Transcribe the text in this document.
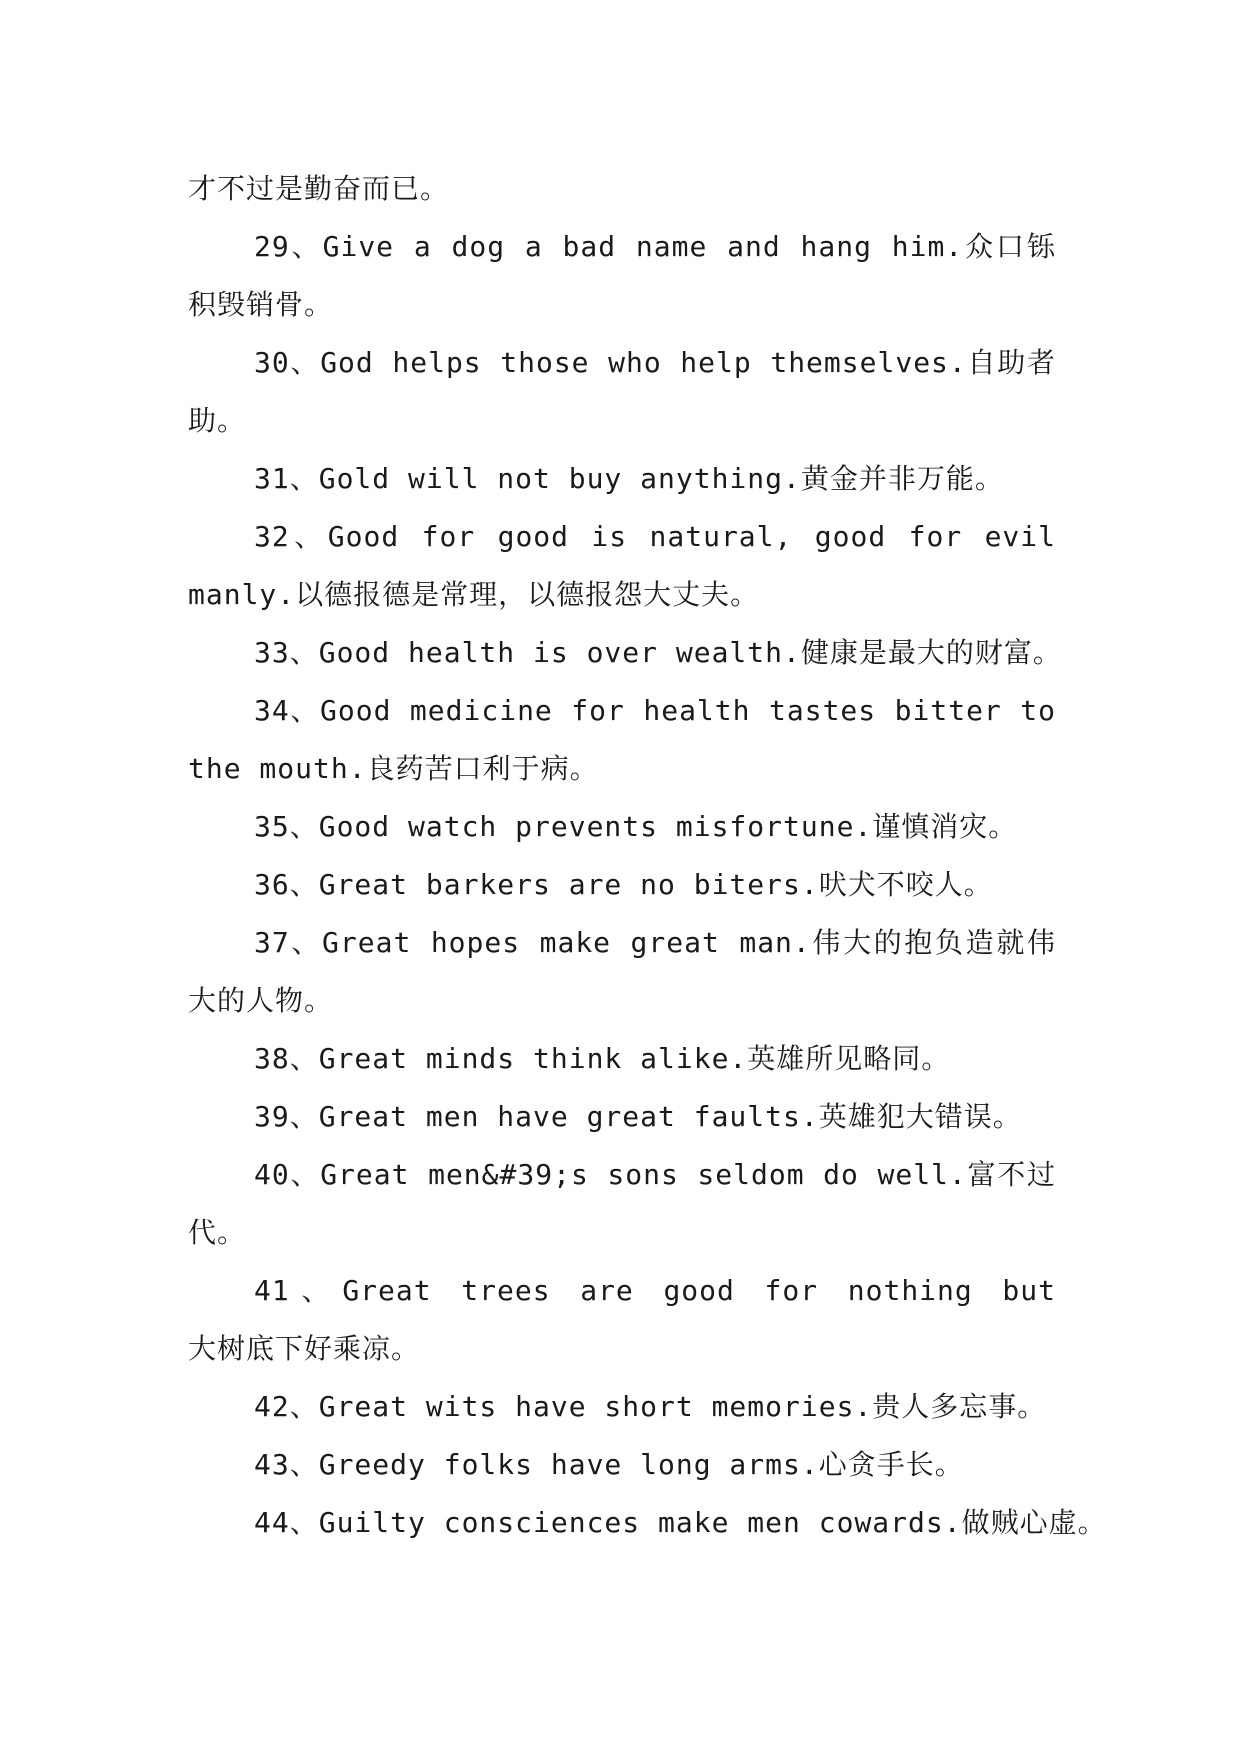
才不过是勤奋而已。
29、Give a dog a bad name and hang him.众口铄
积毁销骨。
30、God helps those who help themselves.自助者
助。
31、Gold will not buy anything.黄金并非万能。
32、Good for good is natural, good for evil
manly.以德报德是常理，以德报怨大丈夫。
33、Good health is over wealth.健康是最大的财富。
34、Good medicine for health tastes bitter to
the mouth.良药苦口利于病。
35、Good watch prevents misfortune.谨慎消灾。
36、Great barkers are no biters.吠犬不咬人。
37、Great hopes make great man.伟大的抱负造就伟
大的人物。
38、Great minds think alike.英雄所见略同。
39、Great men have great faults.英雄犯大错误。
40、Great men&#39;s sons seldom do well.富不过
代。
41、Great trees are good for nothing but
大树底下好乘凉。
42、Great wits have short memories.贵人多忘事。
43、Greedy folks have long arms.心贪手长。
44、Guilty consciences make men cowards.做贼心虚。
